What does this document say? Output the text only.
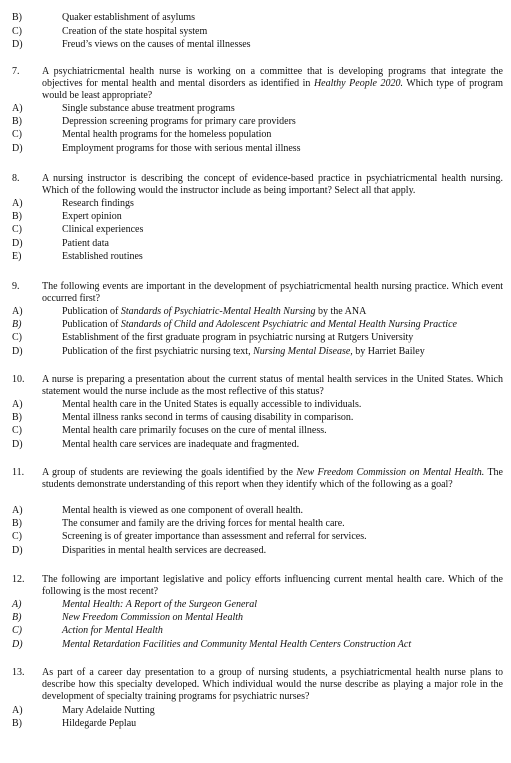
B)	Quaker establishment of asylums
C)	Creation of the state hospital system
D)	Freud’s views on the causes of mental illnesses
7.	A psychiatricmental health nurse is working on a committee that is developing programs that integrate the objectives for mental health and mental disorders as identified in Healthy People 2020. Which type of program would be least appropriate?
A)	Single substance abuse treatment programs
B)	Depression screening programs for primary care providers
C)	Mental health programs for the homeless population
D)	Employment programs for those with serious mental illness
8.	A nursing instructor is describing the concept of evidence-based practice in psychiatricmental health nursing. Which of the following would the instructor include as being important? Select all that apply.
A)	Research findings
B)	Expert opinion
C)	Clinical experiences
D)	Patient data
E)	Established routines
9.	The following events are important in the development of psychiatricmental health nursing practice. Which event occurred first?
A)	Publication of Standards of Psychiatric-Mental Health Nursing by the ANA
B)	Publication of Standards of Child and Adolescent Psychiatric and Mental Health Nursing Practice
C)	Establishment of the first graduate program in psychiatric nursing at Rutgers University
D)	Publication of the first psychiatric nursing text, Nursing Mental Disease, by Harriet Bailey
10.	A nurse is preparing a presentation about the current status of mental health services in the United States. Which statement would the nurse include as the most reflective of this status?
A)	Mental health care in the United States is equally accessible to individuals.
B)	Mental illness ranks second in terms of causing disability in comparison.
C)	Mental health care primarily focuses on the cure of mental illness.
D)	Mental health care services are inadequate and fragmented.
11.	A group of students are reviewing the goals identified by the New Freedom Commission on Mental Health. The students demonstrate understanding of this report when they identify which of the following as a goal?
A)	Mental health is viewed as one component of overall health.
B)	The consumer and family are the driving forces for mental health care.
C)	Screening is of greater importance than assessment and referral for services.
D)	Disparities in mental health services are decreased.
12.	The following are important legislative and policy efforts influencing current mental health care. Which of the following is the most recent?
A)	Mental Health: A Report of the Surgeon General
B)	New Freedom Commission on Mental Health
C)	Action for Mental Health
D)	Mental Retardation Facilities and Community Mental Health Centers Construction Act
13.	As part of a career day presentation to a group of nursing students, a psychiatricmental health nurse plans to describe how this specialty developed. Which individual would the nurse describe as playing a major role in the development of specialty training programs for psychiatric nurses?
A)	Mary Adelaide Nutting
B)	Hildegarde Peplau
